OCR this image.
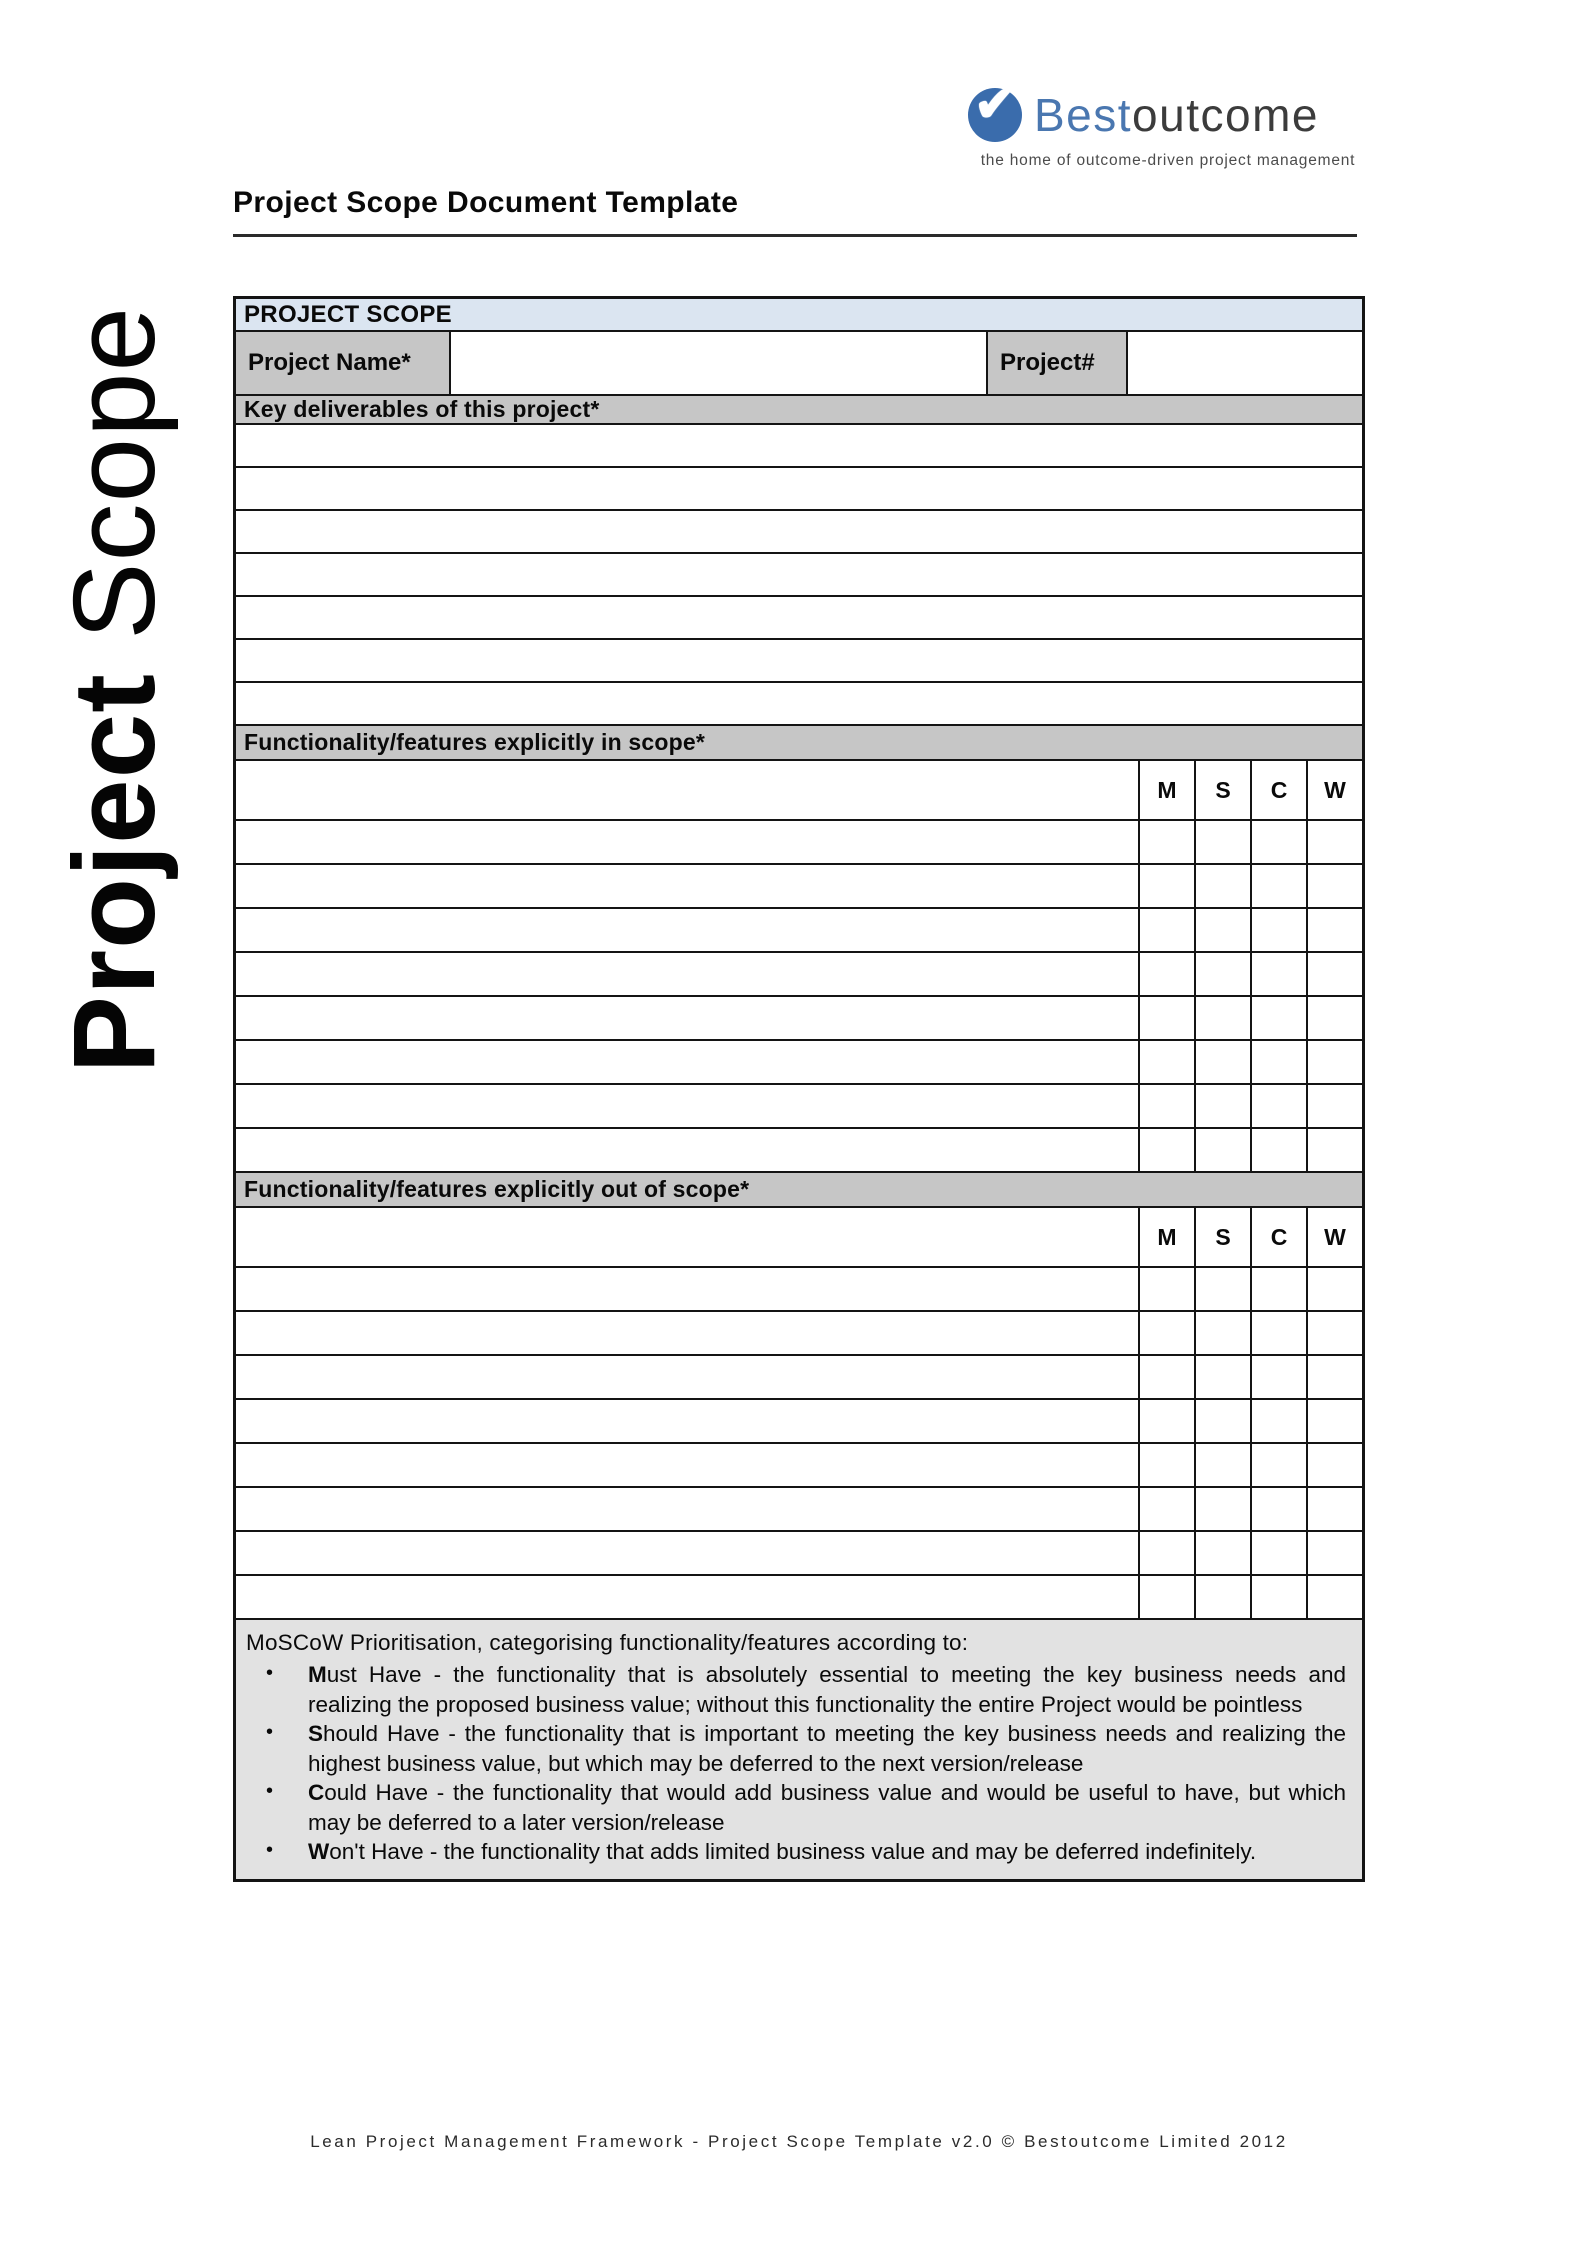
✔ Bestoutcome
the home of outcome-driven project management
Project Scope Document Template
Project Scope	PROJECT SCOPE
Project Name*	Project#
Key deliverables of this project*
Functionality/features explicitly in scope*
M	S	C	W
Functionality/features explicitly out of scope*
M	S	C	W
MoSCoW Prioritisation, categorising functionality/features according to:
•	Must Have - the functionality that is absolutely essential to meeting the key business needs and realizing the proposed business value; without this functionality the entire Project would be pointless
•	Should Have - the functionality that is important to meeting the key business needs and realizing the highest business value, but which may be deferred to the next version/release
•	Could Have - the functionality that would add business value and would be useful to have, but which may be deferred to a later version/release
•	Won't Have - the functionality that adds limited business value and may be deferred indefinitely.
Lean Project Management Framework - Project Scope Template v2.0 © Bestoutcome Limited 2012
